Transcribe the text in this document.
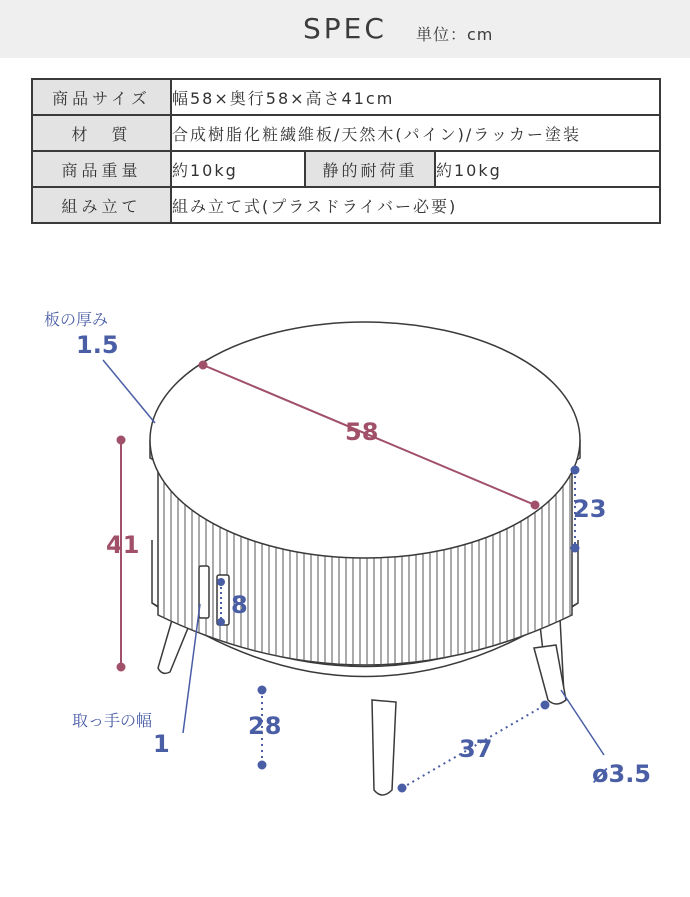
SPEC 単位：cm
商品サイズ	幅58×奥行58×高さ41cm		
材　質	合成樹脂化粧繊維板/天然木(パイン)/ラッカー塗装		
商品重量	約10kg	静的耐荷重	約10kg
組み立て	組み立て式(プラスドライバー必要)		
板の厚み
1.5
58
41
23
8
取っ手の幅
1
28
37
ø3.5
